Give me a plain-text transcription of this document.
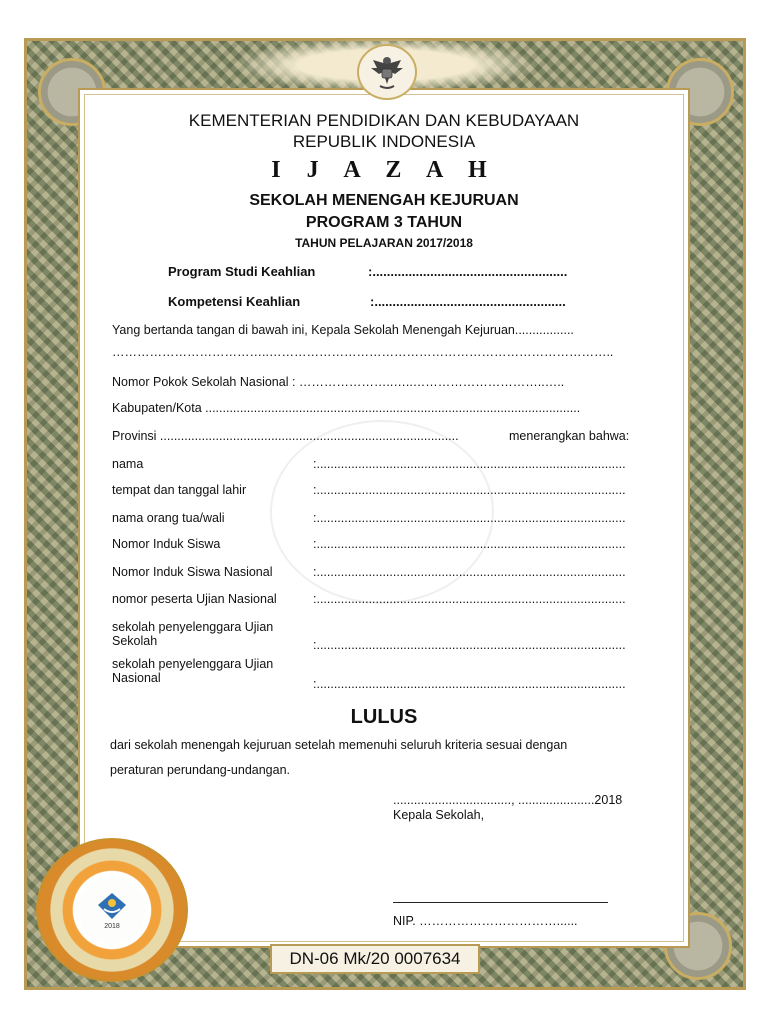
KEMENTERIAN PENDIDIKAN DAN KEBUDAYAAN
REPUBLIK INDONESIA
I J A Z A H
SEKOLAH MENENGAH KEJURUAN
PROGRAM 3 TAHUN
TAHUN PELAJARAN 2017/2018
Program Studi Keahlian	:......................................................
Kompetensi Keahlian	:.....................................................
Yang bertanda tangan di bawah ini, Kepala Sekolah Menengah Kejuruan.................
………………………………..………………………………………………………………………..
Nomor Pokok Sekolah Nasional : …………………..…..…………………………..…..
Kabupaten/Kota ............................................................................................................
Provinsi ......................................................................................	menerangkan bahwa:
nama	:.........................................................................................
tempat dan tanggal lahir	:.........................................................................................
nama orang tua/wali	:.........................................................................................
Nomor Induk Siswa	:.........................................................................................
Nomor Induk Siswa Nasional	:.........................................................................................
nomor peserta Ujian Nasional	:.........................................................................................
sekolah penyelenggara Ujian
Sekolah	:.........................................................................................
sekolah penyelenggara Ujian
Nasional	:.........................................................................................
LULUS
dari sekolah menengah kejuruan setelah memenuhi seluruh kriteria sesuai dengan
peraturan perundang-undangan.
.................................., ......................2018
Kepala Sekolah,
NIP. ……………………………......
2018
DN-06 Mk/20 0007634
